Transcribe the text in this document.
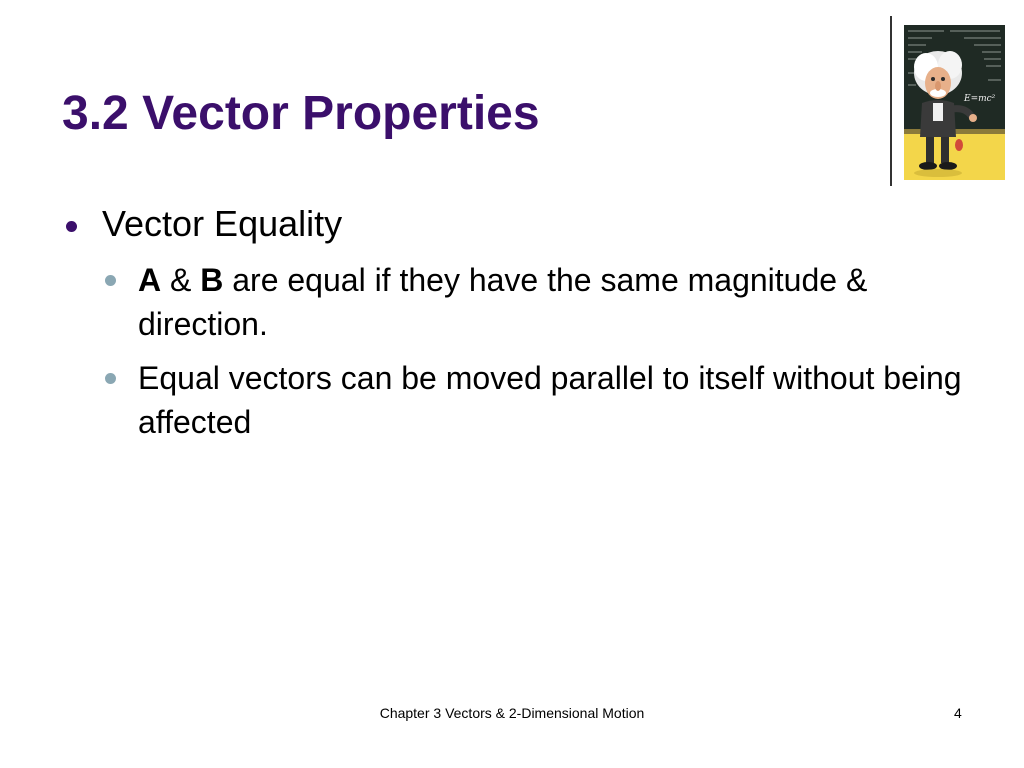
3.2 Vector Properties	E=mc²
Vector Equality
A & B are equal if they have the same magnitude & direction.
Equal vectors can be moved parallel to itself without being affected
Chapter 3 Vectors & 2-Dimensional Motion	4
